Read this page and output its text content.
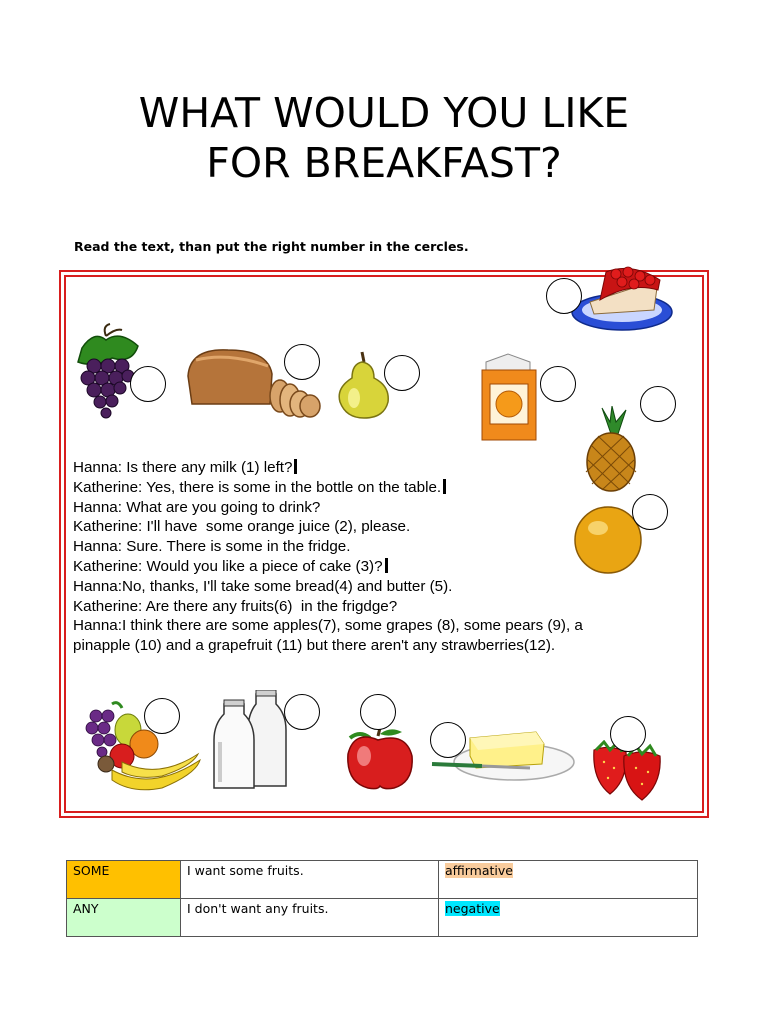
WHAT WOULD YOU LIKE
FOR BREAKFAST?
Read the text, than put the right number in the cercles.
Hanna: Is there any milk (1) left?
Katherine: Yes, there is some in the bottle on the table.
Hanna: What are you going to drink?
Katherine: I'll have  some orange juice (2), please.
Hanna: Sure. There is some in the fridge.
Katherine: Would you like a piece of cake (3)?
Hanna:No, thanks, I'll take some bread(4) and butter (5).
Katherine: Are there any fruits(6)  in the frigdge?
Hanna:I think there are some apples(7), some grapes (8), some pears (9), a
pinapple (10) and a grapefruit (11) but there aren't any strawberries(12).
SOME	I want some fruits.	affirmative
ANY	I don't want any fruits.	negative
